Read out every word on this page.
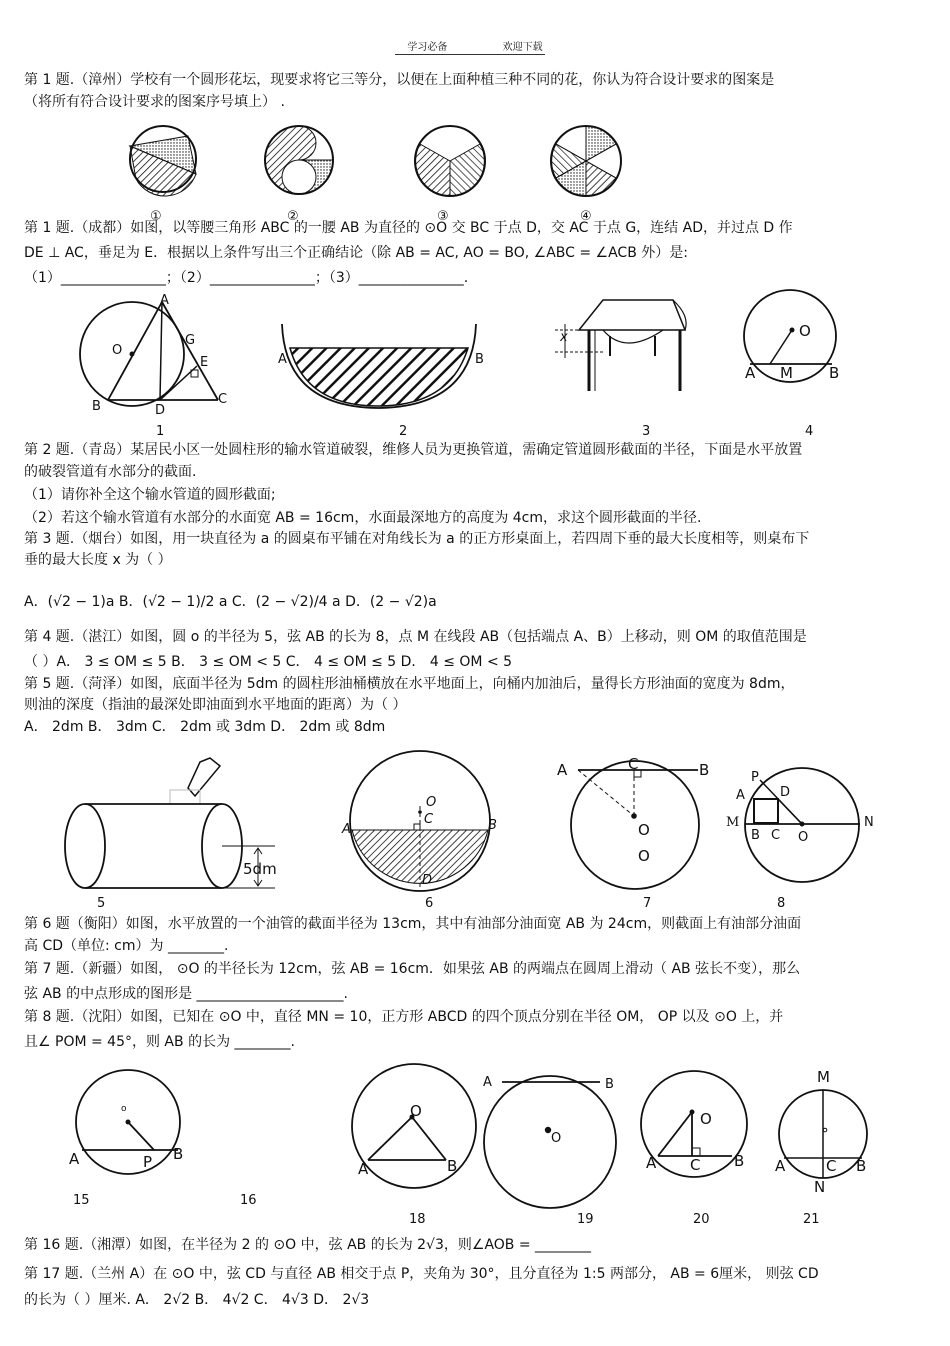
学习必备	欢迎下载
第 1 题.（漳州）学校有一个圆形花坛，现要求将它三等分，以便在上面种植三种不同的花，你认为符合设计要求的图案是
（将所有符合设计要求的图案序号填上） .
第 1 题.（成都）如图，以等腰三角形 ABC 的一腰 AB 为直径的 ⊙O 交 BC 于点 D，交 AC 于点 G，连结 AD，并过点 D 作
DE ⊥ AC，垂足为 E．根据以上条件写出三个正确结论（除 AB = AC, AO = BO, ∠ABC = ∠ACB 外）是:
（1）_______________；（2）_______________；（3）_______________.
第 2 题.（青岛）某居民小区一处圆柱形的输水管道破裂，维修人员为更换管道，需确定管道圆形截面的半径，下面是水平放置
的破裂管道有水部分的截面.
（1）请你补全这个输水管道的圆形截面;
（2）若这个输水管道有水部分的水面宽 AB = 16cm，水面最深地方的高度为 4cm，求这个圆形截面的半径.
第 3 题.（烟台）如图，用一块直径为 a 的圆桌布平铺在对角线长为 a 的正方形桌面上，若四周下垂的最大长度相等，则桌布下
垂的最大长度 x 为（ ）
A．(√2 − 1)a B．(√2 − 1)/2 a C．(2 − √2)/4 a D．(2 − √2)a
第 4 题.（湛江）如图，圆 o 的半径为 5，弦 AB 的长为 8，点 M 在线段 AB（包括端点 A、B）上移动，则 OM 的取值范围是
（ ）A． 3 ≤ OM ≤ 5 B． 3 ≤ OM < 5 C． 4 ≤ OM ≤ 5 D． 4 ≤ OM < 5
第 5 题.（菏泽）如图，底面半径为 5dm 的圆柱形油桶横放在水平地面上，向桶内加油后，量得长方形油面的宽度为 8dm，
则油的深度（指油的最深处即油面到水平地面的距离）为（ ）
A． 2dm B． 3dm C． 2dm 或 3dm D． 2dm 或 8dm
第 6 题（衡阳）如图，水平放置的一个油管的截面半径为 13cm，其中有油部分油面宽 AB 为 24cm，则截面上有油部分油面
高 CD（单位: cm）为 ________.
第 7 题.（新疆）如图， ⊙O 的半径长为 12cm，弦 AB = 16cm．如果弦 AB 的两端点在圆周上滑动（ AB 弦长不变），那么
弦 AB 的中点形成的图形是 _____________________.
第 8 题.（沈阳）如图，已知在 ⊙O 中，直径 MN = 10，正方形 ABCD 的四个顶点分别在半径 OM， OP 以及 ⊙O 上，并
且∠ POM = 45°，则 AB 的长为 ________.
第 16 题.（湘潭）如图，在半径为 2 的 ⊙O 中，弦 AB 的长为 2√3，则∠AOB = ________
第 17 题.（兰州 A）在 ⊙O 中，弦 CD 与直径 AB 相交于点 P，夹角为 30°，且分直径为 1:5 两部分， AB = 6厘米， 则弦 CD
的长为（ ）厘米. A． 2√2 B． 4√2 C． 4√3 D． 2√3
①	②	③	④
A
O
G
E
C
B	D
A	B
x	O
A M B
1	2	3	4
5dm
O
C
A	B
D
A	C	B
O
O
P
A	D
M	N
B C O
5	6	7	8
o
A	P B
O
A	B
A	B
O
O
A C B
M
A	C B
N
15	16
18	19	20	21
